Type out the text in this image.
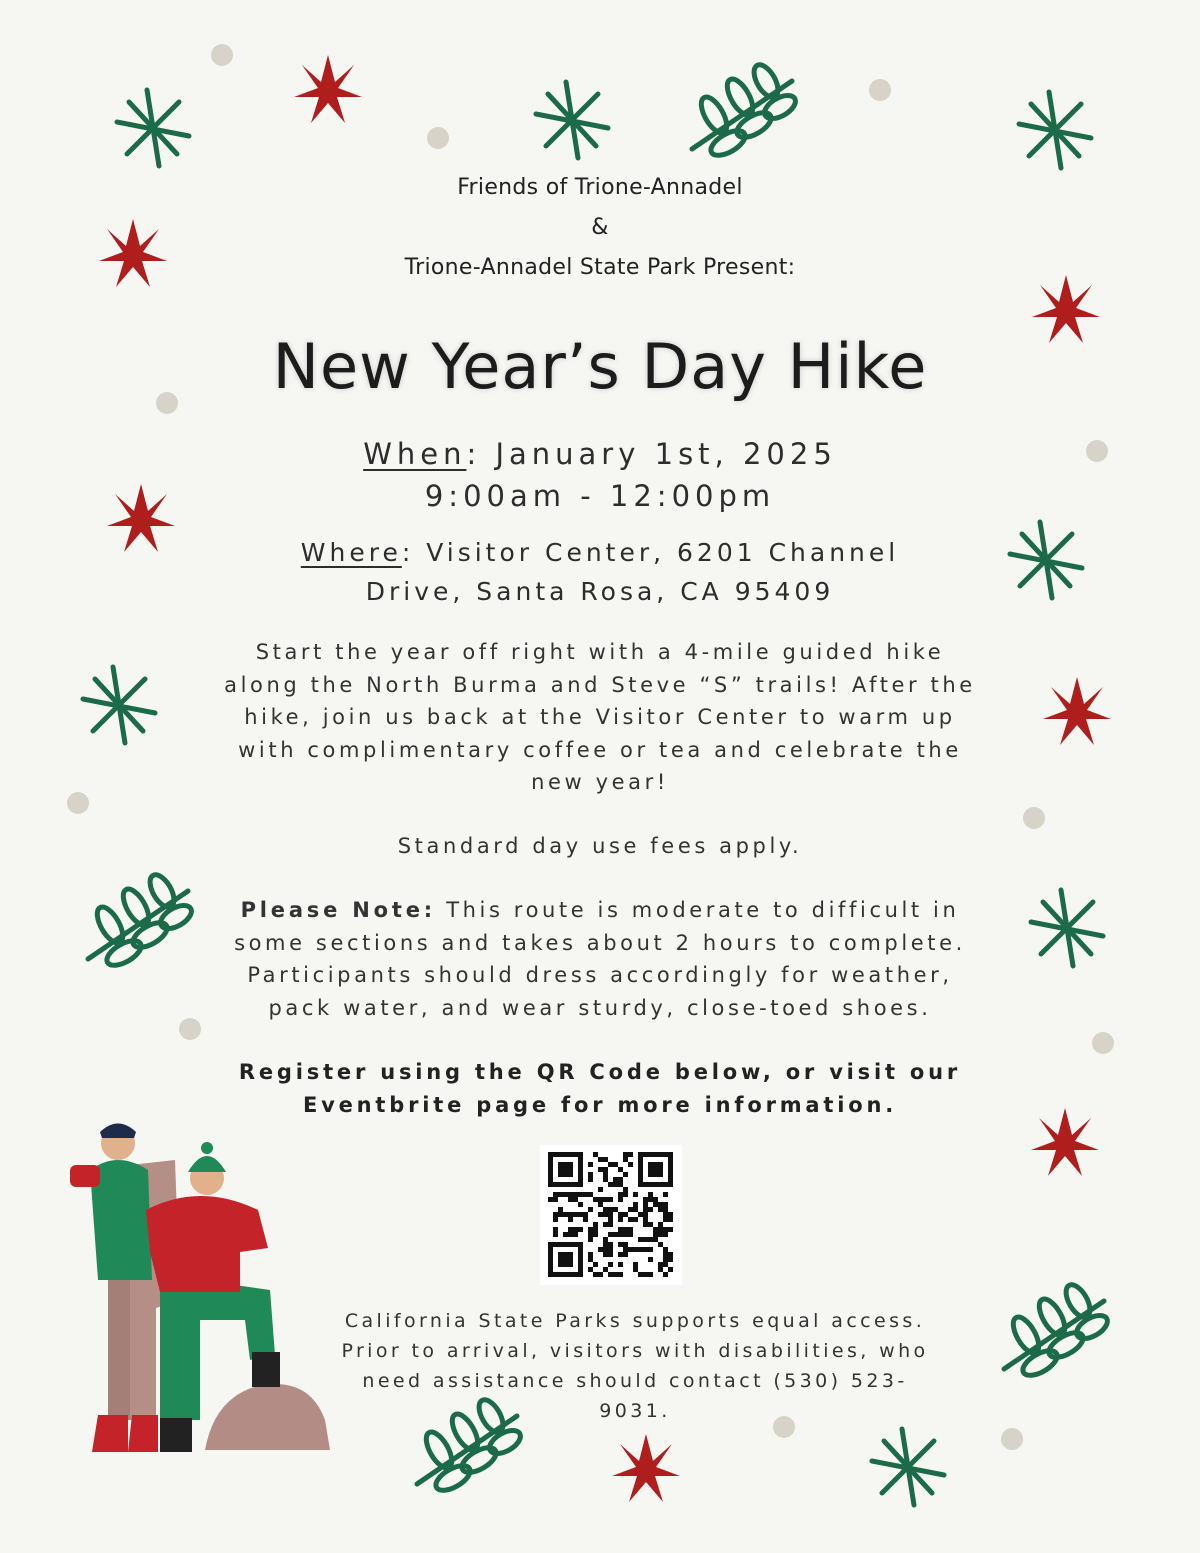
Friends of Trione-Annadel
&
Trione-Annadel State Park Present:
New Year’s Day Hike
When: January 1st, 2025
9:00am - 12:00pm
Where: Visitor Center, 6201 Channel
Drive, Santa Rosa, CA 95409
Start the year off right with a 4-mile guided hike
along the North Burma and Steve “S” trails! After the
hike, join us back at the Visitor Center to warm up
with complimentary coffee or tea and celebrate the
new year!
Standard day use fees apply.
Please Note: This route is moderate to difficult in
some sections and takes about 2 hours to complete.
Participants should dress accordingly for weather,
pack water, and wear sturdy, close-toed shoes.
Register using the QR Code below, or visit our
Eventbrite page for more information.
California State Parks supports equal access.
Prior to arrival, visitors with disabilities, who
need assistance should contact (530) 523-
9031.
